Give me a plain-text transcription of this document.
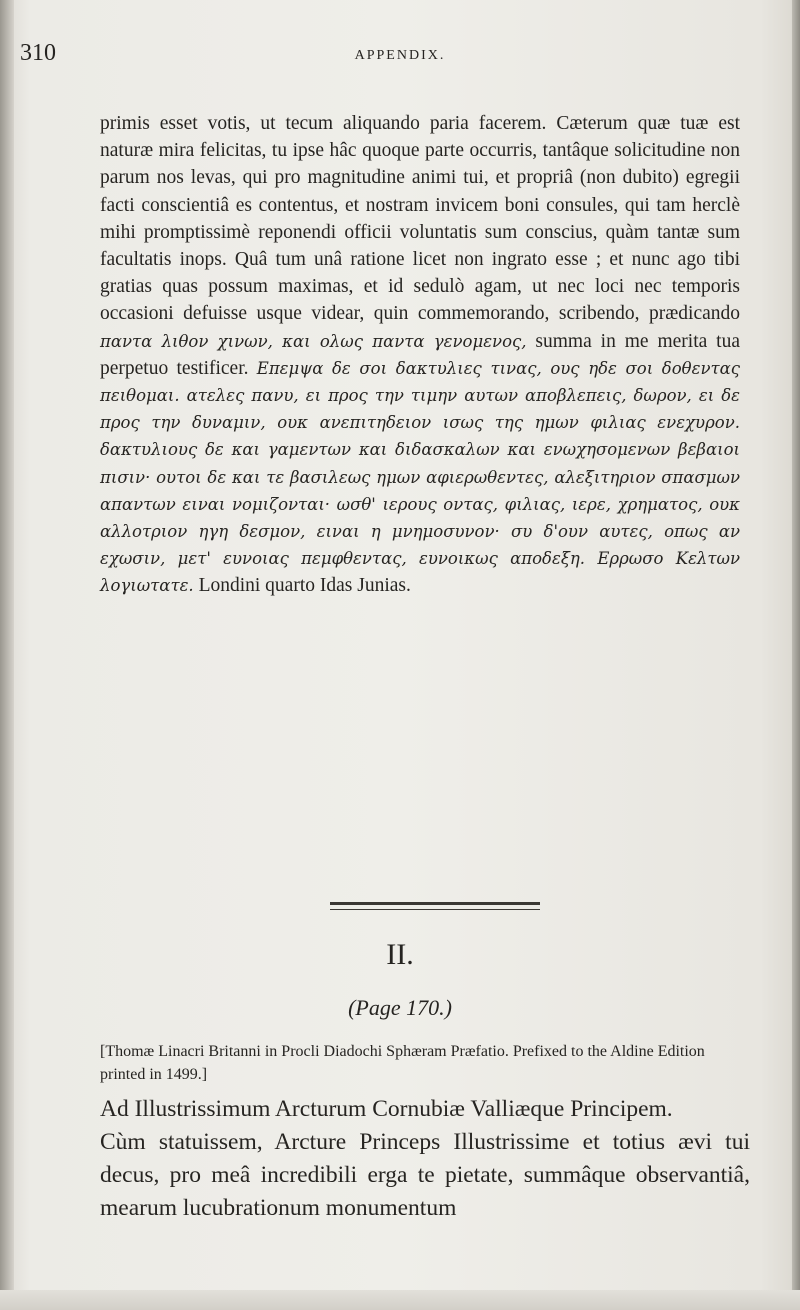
310	APPENDIX.
primis esset votis, ut tecum aliquando paria facerem. Cæterum quæ tuæ est naturæ mira felicitas, tu ipse hâc quoque parte occurris, tantâque solicitudine non parum nos levas, qui pro magnitudine animi tui, et propriâ (non dubito) egregii facti conscientiâ es contentus, et nostram invicem boni consules, qui tam herclè mihi promptissimè reponendi officii voluntatis sum conscius, quàm tantæ sum facultatis inops. Quâ tum unâ ratione licet non ingrato esse ; et nunc ago tibi gratias quas possum maximas, et id sedulò agam, ut nec loci nec temporis occasioni defuisse usque videar, quin commemorando, scribendo, prædicando παντα λιθον χινων, και ολως παντα γενομενος, summa in me merita tua perpetuo testificer. Επεμψα δε σοι δακτυλιες τινας, ους ηδε σοι δοθεντας πειθομαι. ατελες πανυ, ει προς την τιμην αυτων αποβλεπεις, δωρον, ει δε προς την δυναμιν, ουκ ανεπιτηδειον ισως της ημων φιλιας ενεχυρον. δακτυλιους δε και γαμεντων και διδασκαλων και ενωχησομενων βεβαιοι πισιν· ουτοι δε και τε βασιλεως ημων αφιερωθεντες, αλεξιτηριον σπασμων απαντων ειναι νομιζονται· ωσθ' ιερους οντας, φιλιας, ιερε, χρηματος, ουκ αλλοτριον ηγη δεσμον, ειναι η μνημοσυνον· συ δ'ουν αυτες, οπως αν εχωσιν, μετ' ευνοιας πεμφθεντας, ευνοικως αποδεξη. Ερρωσο Κελτων λογιωτατε. Londini quarto Idas Junias.
II.
(Page 170.)
[Thomæ Linacri Britanni in Procli Diadochi Sphæram Præfatio. Prefixed to the Aldine Edition printed in 1499.]

Ad Illustrissimum Arcturum Cornubiæ Valliæque Principem.

Cùm statuissem, Arcture Princeps Illustrissime et totius ævi tui decus, pro meâ incredibili erga te pietate, summâque observantiâ, mearum lucubrationum monumentum
